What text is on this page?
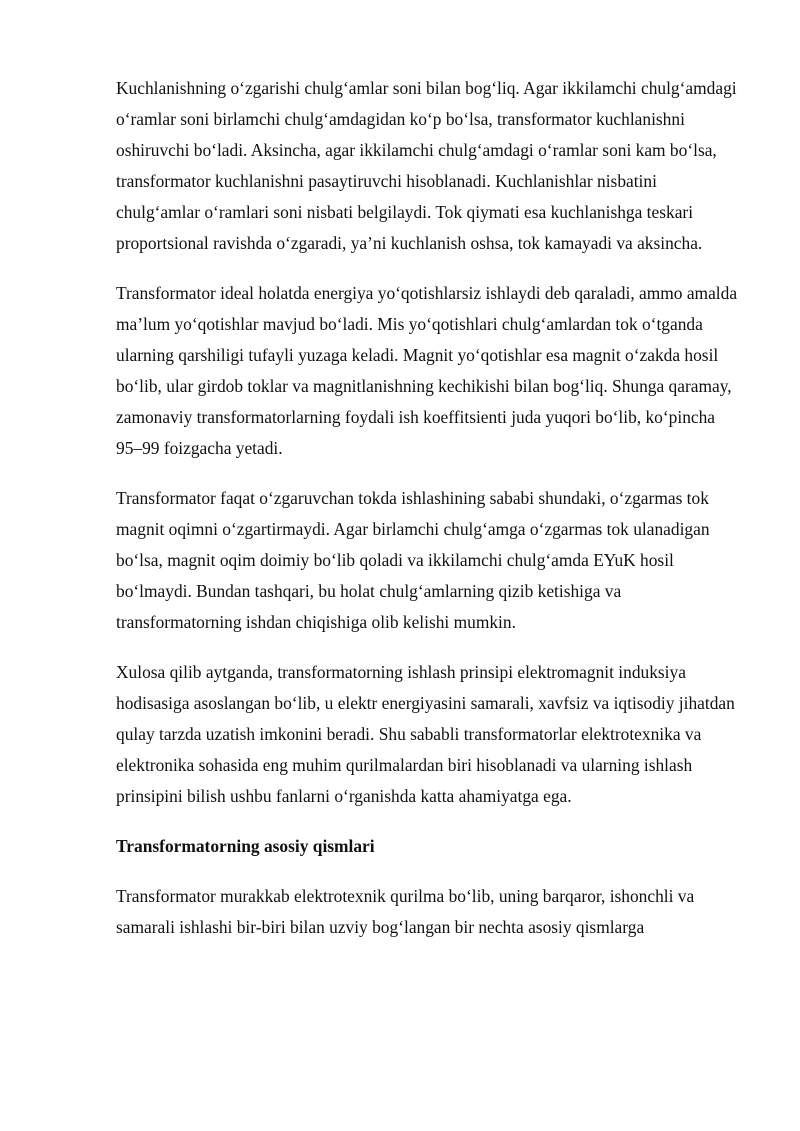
Kuchlanishning o‘zgarishi chulg‘amlar soni bilan bog‘liq. Agar ikkilamchi chulg‘amdagi o‘ramlar soni birlamchi chulg‘amdagidan ko‘p bo‘lsa, transformator kuchlanishni oshiruvchi bo‘ladi. Aksincha, agar ikkilamchi chulg‘amdagi o‘ramlar soni kam bo‘lsa, transformator kuchlanishni pasaytiruvchi hisoblanadi. Kuchlanishlar nisbatini chulg‘amlar o‘ramlari soni nisbati belgilaydi. Tok qiymati esa kuchlanishga teskari proportsional ravishda o‘zgaradi, ya’ni kuchlanish oshsa, tok kamayadi va aksincha.

Transformator ideal holatda energiya yo‘qotishlarsiz ishlaydi deb qaraladi, ammo amalda ma’lum yo‘qotishlar mavjud bo‘ladi. Mis yo‘qotishlari chulg‘amlardan tok o‘tganda ularning qarshiligi tufayli yuzaga keladi. Magnit yo‘qotishlar esa magnit o‘zakda hosil bo‘lib, ular girdob toklar va magnitlanishning kechikishi bilan bog‘liq. Shunga qaramay, zamonaviy transformatorlarning foydali ish koeffitsienti juda yuqori bo‘lib, ko‘pincha 95–99 foizgacha yetadi.

Transformator faqat o‘zgaruvchan tokda ishlashining sababi shundaki, o‘zgarmas tok magnit oqimni o‘zgartirmaydi. Agar birlamchi chulg‘amga o‘zgarmas tok ulanadigan bo‘lsa, magnit oqim doimiy bo‘lib qoladi va ikkilamchi chulg‘amda EYuK hosil bo‘lmaydi. Bundan tashqari, bu holat chulg‘amlarning qizib ketishiga va transformatorning ishdan chiqishiga olib kelishi mumkin.

Xulosa qilib aytganda, transformatorning ishlash prinsipi elektromagnit induksiya hodisasiga asoslangan bo‘lib, u elektr energiyasini samarali, xavfsiz va iqtisodiy jihatdan qulay tarzda uzatish imkonini beradi. Shu sababli transformatorlar elektrotexnika va elektronika sohasida eng muhim qurilmalardan biri hisoblanadi va ularning ishlash prinsipini bilish ushbu fanlarni o‘rganishda katta ahamiyatga ega.

Transformatorning asosiy qismlari

Transformator murakkab elektrotexnik qurilma bo‘lib, uning barqaror, ishonchli va samarali ishlashi bir-biri bilan uzviy bog‘langan bir nechta asosiy qismlarga
